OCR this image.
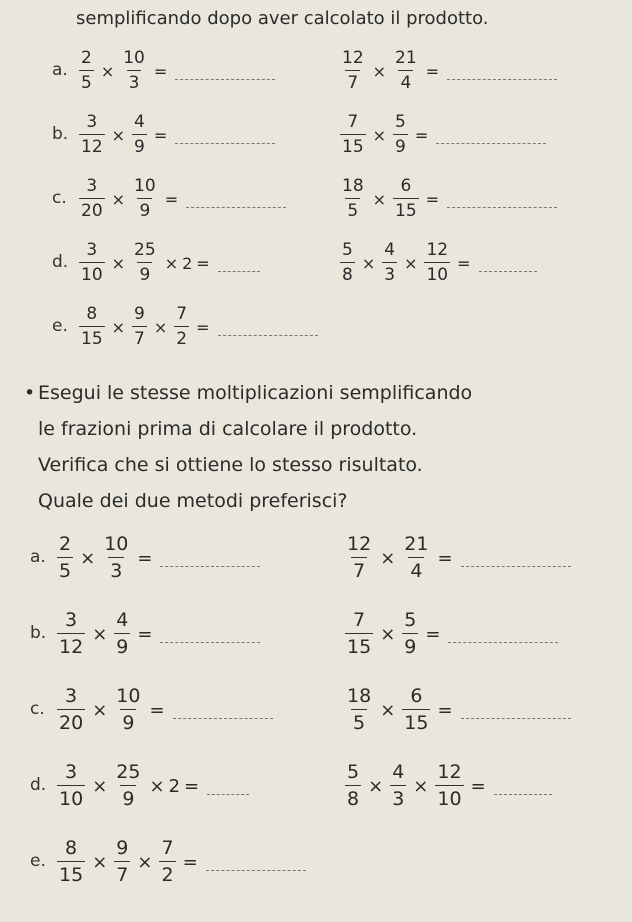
semplificando dopo aver calcolato il prodotto.
a. $\frac{2}{5} \times \frac{10}{3}$ =	$\frac{12}{7} \times \frac{21}{4}$ =
b. $\frac{3}{12} \times \frac{4}{9}$ =	$\frac{7}{15} \times \frac{5}{9}$ =
c. $\frac{3}{20} \times \frac{10}{9}$ =	$\frac{18}{5} \times \frac{6}{15}$ =
d. $\frac{3}{10} \times \frac{25}{9} \times 2$ =	$\frac{5}{8} \times \frac{4}{3} \times \frac{12}{10}$ =
e. $\frac{8}{15} \times \frac{9}{7} \times \frac{7}{2}$ =
• Esegui le stesse moltiplicazioni semplificando
le frazioni prima di calcolare il prodotto.
Verifica che si ottiene lo stesso risultato.
Quale dei due metodi preferisci?
a. $\frac{2}{5} \times \frac{10}{3}$ =	$\frac{12}{7} \times \frac{21}{4}$ =
b. $\frac{3}{12} \times \frac{4}{9}$ =	$\frac{7}{15} \times \frac{5}{9}$ =
c. $\frac{3}{20} \times \frac{10}{9}$ =	$\frac{18}{5} \times \frac{6}{15}$ =
d. $\frac{3}{10} \times \frac{25}{9} \times 2$ =	$\frac{5}{8} \times \frac{4}{3} \times \frac{12}{10}$ =
e. $\frac{8}{15} \times \frac{9}{7} \times \frac{7}{2}$ =
